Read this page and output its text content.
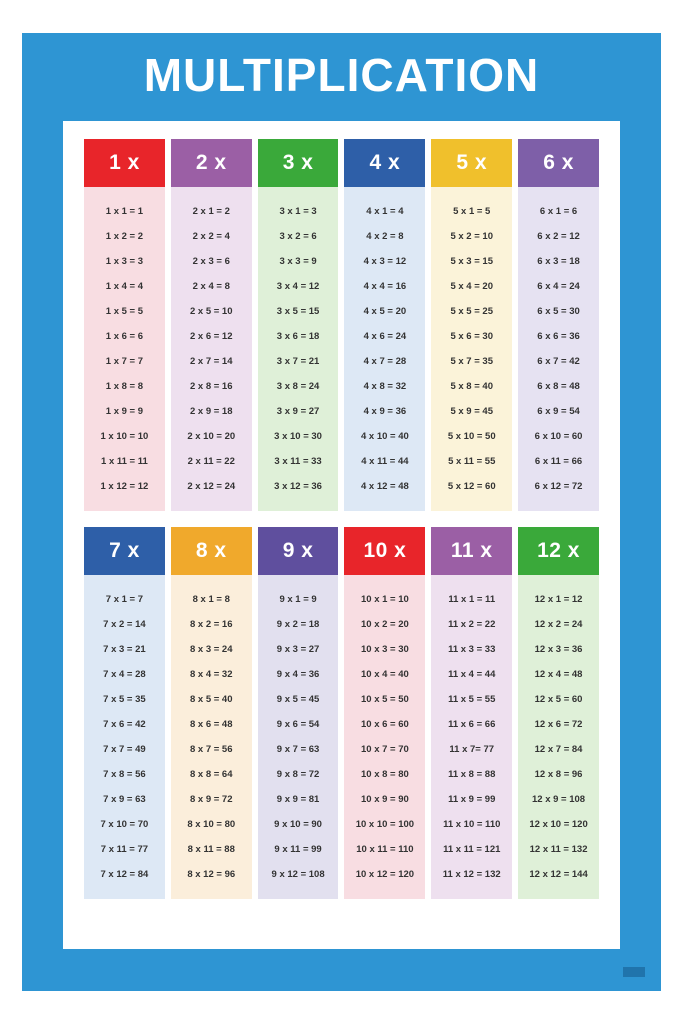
MULTIPLICATION
1 x
1 x 1 = 1
1 x 2 = 2
1 x 3 = 3
1 x 4 = 4
1 x 5 = 5
1 x 6 = 6
1 x 7 = 7
1 x 8 = 8
1 x 9 = 9
1 x 10 = 10
1 x 11 = 11
1 x 12 = 12
2 x
2 x 1 = 2
2 x 2 = 4
2 x 3 = 6
2 x 4 = 8
2 x 5 = 10
2 x 6 = 12
2 x 7 = 14
2 x 8 = 16
2 x 9 = 18
2 x 10 = 20
2 x 11 = 22
2 x 12 = 24
3 x
3 x 1 = 3
3 x 2 = 6
3 x 3 = 9
3 x 4 = 12
3 x 5 = 15
3 x 6 = 18
3 x 7 = 21
3 x 8 = 24
3 x 9 = 27
3 x 10 = 30
3 x 11 = 33
3 x 12 = 36
4 x
4 x 1 = 4
4 x 2 = 8
4 x 3 = 12
4 x 4 = 16
4 x 5 = 20
4 x 6 = 24
4 x 7 = 28
4 x 8 = 32
4 x 9 = 36
4 x 10 = 40
4 x 11 = 44
4 x 12 = 48
5 x
5 x 1 = 5
5 x 2 = 10
5 x 3 = 15
5 x 4 = 20
5 x 5 = 25
5 x 6 = 30
5 x 7 = 35
5 x 8 = 40
5 x 9 = 45
5 x 10 = 50
5 x 11 = 55
5 x 12 = 60
6 x
6 x 1 = 6
6 x 2 = 12
6 x 3 = 18
6 x 4 = 24
6 x 5 = 30
6 x 6 = 36
6 x 7 = 42
6 x 8 = 48
6 x 9 = 54
6 x 10 = 60
6 x 11 = 66
6 x 12 = 72
7 x
7 x 1 = 7
7 x 2 = 14
7 x 3 = 21
7 x 4 = 28
7 x 5 = 35
7 x 6 = 42
7 x 7 = 49
7 x 8 = 56
7 x 9 = 63
7 x 10 = 70
7 x 11 = 77
7 x 12 = 84
8 x
8 x 1 = 8
8 x 2 = 16
8 x 3 = 24
8 x 4 = 32
8 x 5 = 40
8 x 6 = 48
8 x 7 = 56
8 x 8 = 64
8 x 9 = 72
8 x 10 = 80
8 x 11 = 88
8 x 12 = 96
9 x
9 x 1 = 9
9 x 2 = 18
9 x 3 = 27
9 x 4 = 36
9 x 5 = 45
9 x 6 = 54
9 x 7 = 63
9 x 8 = 72
9 x 9 = 81
9 x 10 = 90
9 x 11 = 99
9 x 12 = 108
10 x
10 x 1 = 10
10 x 2 = 20
10 x 3 = 30
10 x 4 = 40
10 x 5 = 50
10 x 6 = 60
10 x 7 = 70
10 x 8 = 80
10 x 9 = 90
10 x 10 = 100
10 x 11 = 110
10 x 12 = 120
11 x
11 x 1 = 11
11 x 2 = 22
11 x 3 = 33
11 x 4 = 44
11 x 5 = 55
11 x 6 = 66
11 x 7= 77
11 x 8 = 88
11 x 9 = 99
11 x 10 = 110
11 x 11 = 121
11 x 12 = 132
12 x
12 x 1 = 12
12 x 2 = 24
12 x 3 = 36
12 x 4 = 48
12 x 5 = 60
12 x 6 = 72
12 x 7 = 84
12 x 8 = 96
12 x 9 = 108
12 x 10 = 120
12 x 11 = 132
12 x 12 = 144
